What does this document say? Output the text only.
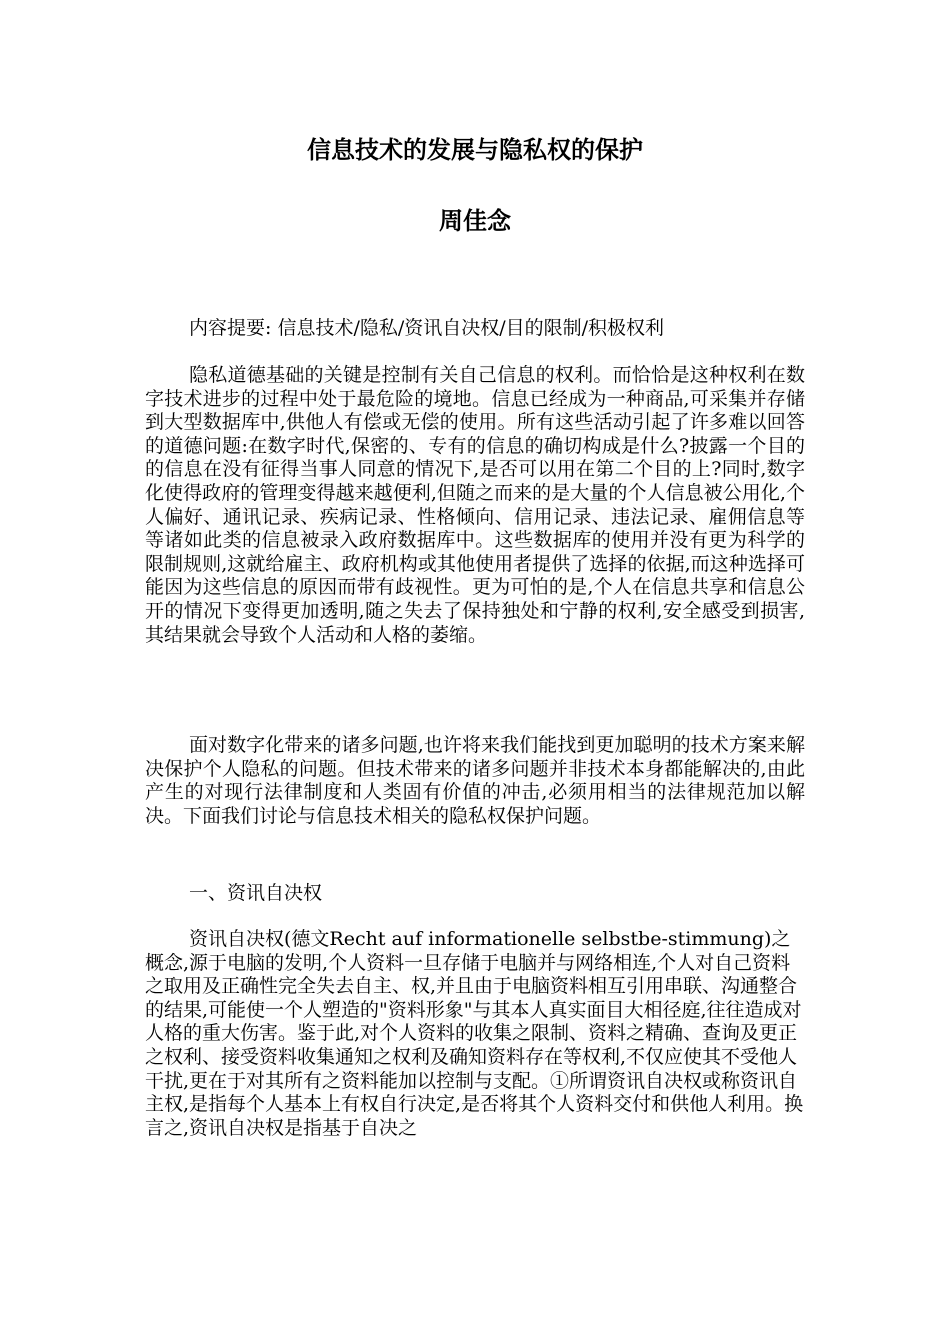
信息技术的发展与隐私权的保护
周佳念

内容提要: 信息技术/隐私/资讯自决权/目的限制/积极权利

隐私道德基础的关键是控制有关自己信息的权利。而恰恰是这种权利在数字技术进步的过程中处于最危险的境地。信息已经成为一种商品,可采集并存储到大型数据库中,供他人有偿或无偿的使用。所有这些活动引起了许多难以回答的道德问题:在数字时代,保密的、专有的信息的确切构成是什么?披露一个目的的信息在没有征得当事人同意的情况下,是否可以用在第二个目的上?同时,数字化使得政府的管理变得越来越便利,但随之而来的是大量的个人信息被公用化,个人偏好、通讯记录、疾病记录、性格倾向、信用记录、违法记录、雇佣信息等等诸如此类的信息被录入政府数据库中。这些数据库的使用并没有更为科学的限制规则,这就给雇主、政府机构或其他使用者提供了选择的依据,而这种选择可能因为这些信息的原因而带有歧视性。更为可怕的是,个人在信息共享和信息公开的情况下变得更加透明,随之失去了保持独处和宁静的权利,安全感受到损害,其结果就会导致个人活动和人格的萎缩。

面对数字化带来的诸多问题,也许将来我们能找到更加聪明的技术方案来解决保护个人隐私的问题。但技术带来的诸多问题并非技术本身都能解决的,由此产生的对现行法律制度和人类固有价值的冲击,必须用相当的法律规范加以解决。下面我们讨论与信息技术相关的隐私权保护问题。

一、资讯自决权

资讯自决权(德文Recht auf informationelle selbstbe-stimmung)之概念,源于电脑的发明,个人资料一旦存储于电脑并与网络相连,个人对自己资料之取用及正确性完全失去自主、权,并且由于电脑资料相互引用串联、沟通整合的结果,可能使一个人塑造的"资料形象"与其本人真实面目大相径庭,往往造成对人格的重大伤害。鉴于此,对个人资料的收集之限制、资料之精确、查询及更正之权利、接受资料收集通知之权利及确知资料存在等权利,不仅应使其不受他人干扰,更在于对其所有之资料能加以控制与支配。①所谓资讯自决权或称资讯自主权,是指每个人基本上有权自行决定,是否将其个人资料交付和供他人利用。换言之,资讯自决权是指基于自决之
